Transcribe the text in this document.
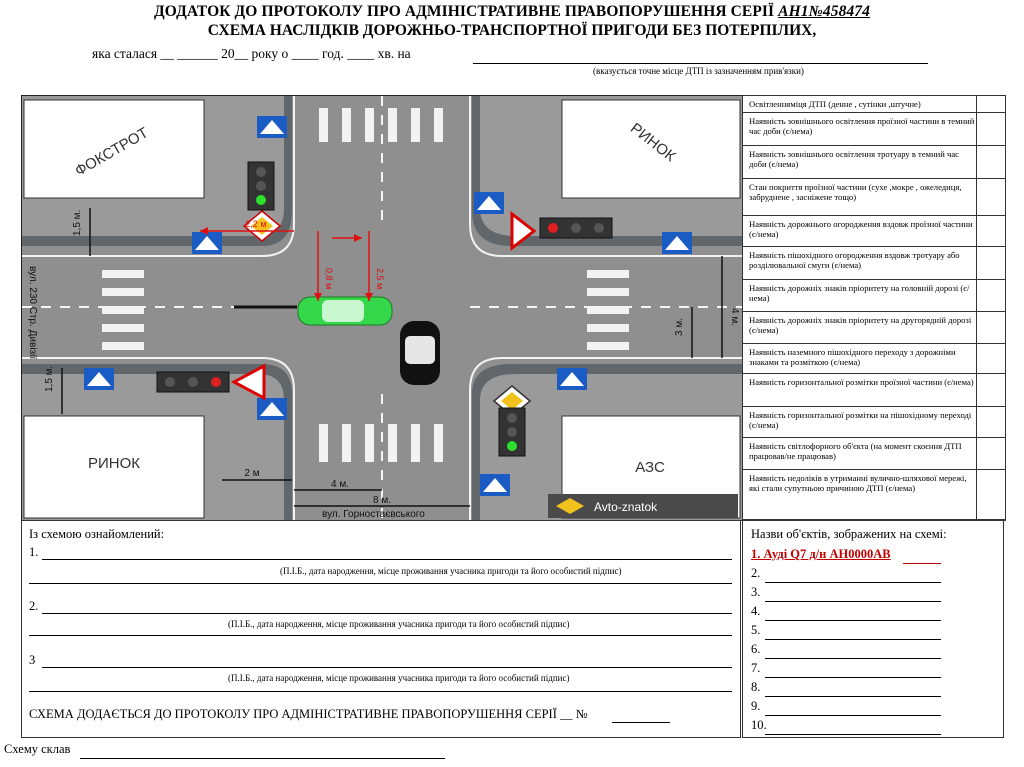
ДОДАТОК ДО ПРОТОКОЛУ ПРО АДМІНІСТРАТИВНЕ ПРАВОПОРУШЕННЯ СЕРІЇ АН1№458474
СХЕМА НАСЛІДКІВ ДОРОЖНЬО-ТРАНСПОРТНОЇ ПРИГОДИ БЕЗ ПОТЕРПІЛИХ,
яка сталася __ ______ 20__ року о ____ год. ____ хв. на
(вказується точне місце ДТП із зазначенням прив'язки)
ФОКСТРОТ	РИНОК
РИНОК	АЗС
2,2 м
0,8 м	2,5 м
1,5 м.
4 м.
3 м.
1,5 м.
2 м
4 м.
8 м.
вул. 230 Стр. Дивізії
вул. Горностаєвського
Avto-znatok
Освітленняміця ДТП (денне , сутінки ,штучне)
Наявність зовнішнього освітлення проїзної частини в темний час доби (є/нема)
Наявність зовнішнього освітлення тротуару в темний час доби (є/нема)
Стан покриття проїзної частини (сухе ,мокре , ожеледиця, забруднене , засніжене тощо)
Наявність дорожнього огородження вздовж проїзної частини (є/нема)
Наявність пішохідного огородження вздовж тротуару або розділювальної смуги (є/нема)
Наявність дорожніх знаків пріоритету на головній дорозі (є/нема)
Наявність дорожніх знаків пріоритету на другорядній дорозі (є/нема)
Наявність наземного пішохідного переходу з дорожніми знаками та розміткою (є/нема)
Наявність горизонтальної розмітки проїзної частини (є/нема)
Наявність горизонтальної розмітки на пішохідному переході (є/нема)
Наявність світлофорного об'єкта (на момент скоєння ДТП працював/не працював)
Наявність недоліків в утриманні вулично-шляхової мережі, які стали супутньою причиною ДТП (є/нема)
Із схемою ознайомлений:
1.
(П.І.Б., дата народження, місце проживання учасника пригоди та його особистий підпис)
2.
(П.І.Б., дата народження, місце проживання учасника пригоди та його особистий підпис)
3
(П.І.Б., дата народження, місце проживання учасника пригоди та його особистий підпис)
СХЕМА ДОДАЄТЬСЯ ДО ПРОТОКОЛУ ПРО АДМІНІСТРАТИВНЕ ПРАВОПОРУШЕННЯ СЕРІЇ __ №
Назви об'єктів, зображених на схемі:
1. Ауді Q7 д/н АН0000АВ
2.
3.
4.
5.
6.
7.
8.
9.
10.
Схему склав
